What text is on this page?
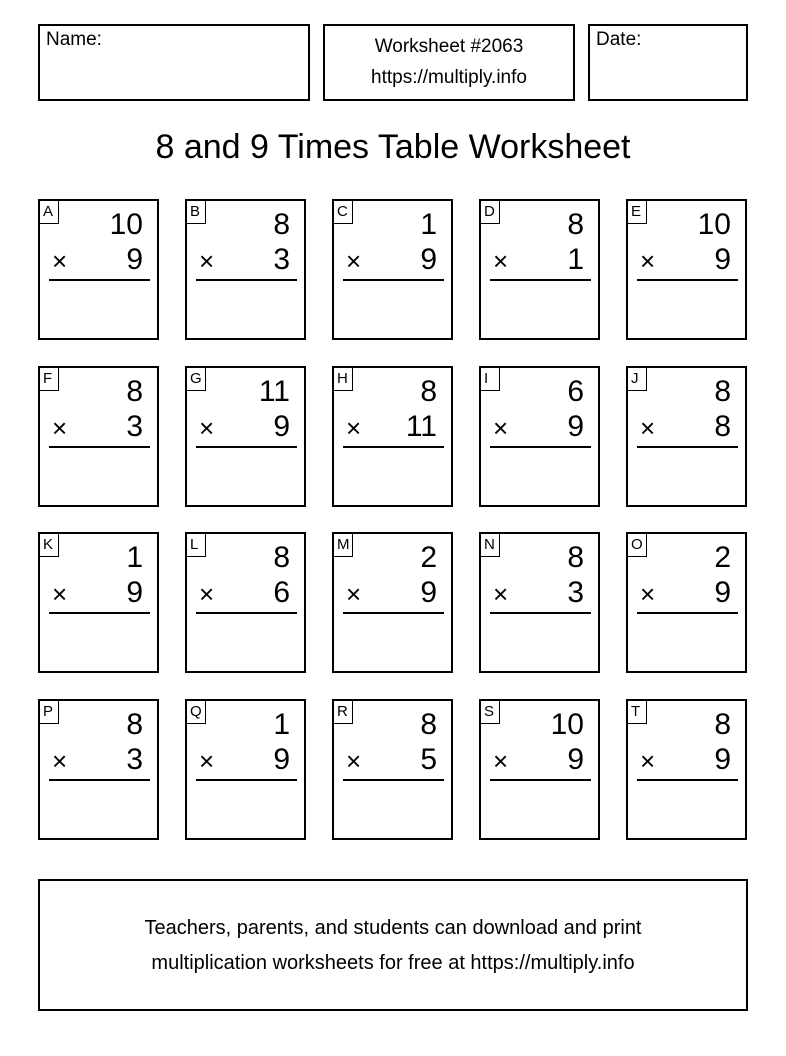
Name:	Worksheet #2063
https://multiply.info
Date:
8 and 9 Times Table Worksheet
A 10
× 9
B 8
× 3
C 1
× 9
D 8
× 1
E 10
× 9
F 8
× 3
G 11
× 9
H 8
× 11
I	6
× 9
J	8
× 8
K 1
× 9
L 8
× 6
M 2
× 9
N 8
× 3
O 2
× 9
P 8
× 3
Q 1
× 9
R 8
× 5
S 10
× 9
T 8
× 9
Teachers, parents, and students can download and print
multiplication worksheets for free at https://multiply.info
